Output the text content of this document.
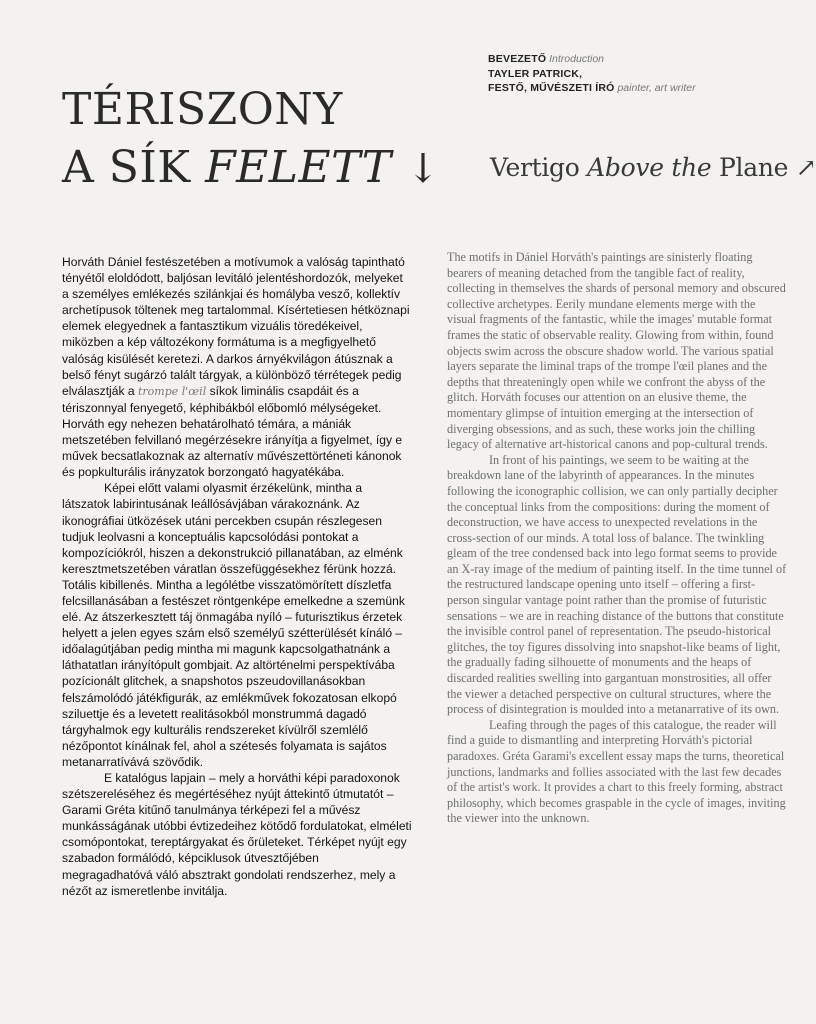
TÉRISZONY
A SÍK FELETT ↓
BEVEZETŐ Introduction
TAYLER PATRICK,
FESTŐ, MŰVÉSZETI ÍRÓ painter, art writer
Vertigo Above the Plane ↗

Horváth Dániel festészetében a motívumok a valóság tapintható tényétől eloldódott, baljósan levitáló jelentéshordozók, melyeket a személyes emlékezés szilánkjai és homályba vesző, kollektív archetípusok töltenek meg tartalommal. Kísértetiesen hétköznapi elemek elegyednek a fantasztikum vizuális töredékeivel, miközben a kép változékony formátuma is a megfigyelhető valóság kisülését keretezi. A darkos árnyékvilágon átúsznak a belső fényt sugárzó talált tárgyak, a különböző térrétegek pedig elválasztják a trompe l'œil síkok liminális csapdáit és a tériszonnyal fenyegető, képhibákból előbomló mélységeket. Horváth egy nehezen behatárolható témára, a mániák metszetében felvillanó megérzésekre irányítja a figyelmet, így e művek becsatlakoznak az alternatív művészettörténeti kánonok és popkulturális irányzatok borzongató hagyatékába.

Képei előtt valami olyasmit érzékelünk, mintha a látszatok labirintusának leállósávjában várakoznánk. Az ikonográfiai ütközések utáni percekben csupán részlegesen tudjuk leolvasni a konceptuális kapcsolódási pontokat a kompozíciókról, hiszen a dekonstrukció pillanatában, az elménk keresztmetszetében váratlan összefüggésekhez férünk hozzá. Totális kibillenés. Mintha a lególétbe visszatömörített díszletfa felcsillanásában a festészet röntgenképe emelkedne a szemünk elé. Az átszerkesztett táj önmagába nyíló – futurisztikus érzetek helyett a jelen egyes szám első személyű szétterülését kínáló – időalagútjában pedig mintha mi magunk kapcsolgathatnánk a láthatatlan irányítópult gombjait. Az altörténelmi perspektívába pozícionált glitchek, a snapshotos pszeudovillanásokban felszámolódó játékfigurák, az emlékművek fokozatosan elkopó sziluettje és a levetett realitásokból monstrummá dagadó tárgyhalmok egy kulturális rendszereket kívülről szemlélő nézőpontot kínálnak fel, ahol a szétesés folyamata is sajátos metanarratívává szövődik.

E katalógus lapjain – mely a horváthi képi paradoxonok szétszereléséhez és megértéséhez nyújt áttekintő útmutatót – Garami Gréta kitűnő tanulmánya térképezi fel a művész munkásságának utóbbi évtizedeihez kötődő fordulatokat, elméleti csomópontokat, tereptárgyakat és őrületeket. Térképet nyújt egy szabadon formálódó, képciklusok útvesztőjében megragadhatóvá váló absztrakt gondolati rendszerhez, mely a nézőt az ismeretlenbe invitálja.

The motifs in Dániel Horváth's paintings are sinisterly floating bearers of meaning detached from the tangible fact of reality, collecting in themselves the shards of personal memory and obscured collective archetypes. Eerily mundane elements merge with the visual fragments of the fantastic, while the images' mutable format frames the static of observable reality. Glowing from within, found objects swim across the obscure shadow world. The various spatial layers separate the liminal traps of the trompe l'œil planes and the depths that threateningly open while we confront the abyss of the glitch. Horváth focuses our attention on an elusive theme, the momentary glimpse of intuition emerging at the intersection of diverging obsessions, and as such, these works join the chilling legacy of alternative art-historical canons and pop-cultural trends.

In front of his paintings, we seem to be waiting at the breakdown lane of the labyrinth of appearances. In the minutes following the iconographic collision, we can only partially decipher the conceptual links from the compositions: during the moment of deconstruction, we have access to unexpected revelations in the cross-section of our minds. A total loss of balance. The twinkling gleam of the tree condensed back into lego format seems to provide an X-ray image of the medium of painting itself. In the time tunnel of the restructured landscape opening unto itself – offering a first-person singular vantage point rather than the promise of futuristic sensations – we are in reaching distance of the buttons that constitute the invisible control panel of representation. The pseudo-historical glitches, the toy figures dissolving into snapshot-like beams of light, the gradually fading silhouette of monuments and the heaps of discarded realities swelling into gargantuan monstrosities, all offer the viewer a detached perspective on cultural structures, where the process of disintegration is moulded into a metanarrative of its own.

Leafing through the pages of this catalogue, the reader will find a guide to dismantling and interpreting Horváth's pictorial paradoxes. Gréta Garami's excellent essay maps the turns, theoretical junctions, landmarks and follies associated with the last few decades of the artist's work. It provides a chart to this freely forming, abstract philosophy, which becomes graspable in the cycle of images, inviting the viewer into the unknown.
